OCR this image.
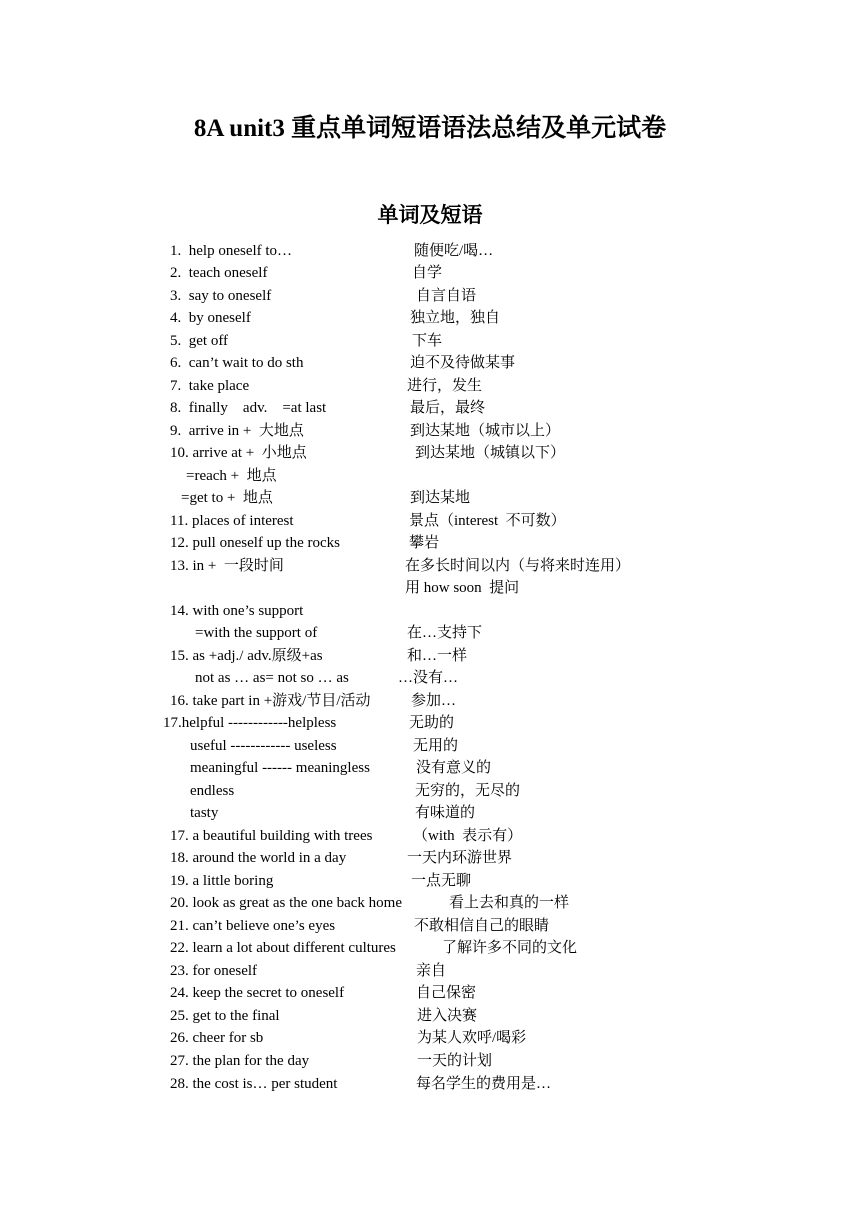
8A unit3 重点单词短语语法总结及单元试卷
单词及短语
1.  help oneself to…	随便吃/喝…
2.  teach oneself	自学
3.  say to oneself	自言自语
4.  by oneself	独立地，独自
5.  get off	下车
6.  can’t wait to do sth	迫不及待做某事
7.  take place	进行，发生
8.  finally    adv.    =at last	最后，最终
9.  arrive in +  大地点	到达某地（城市以上）
10. arrive at +  小地点	到达某地（城镇以下）
=reach +  地点
=get to +  地点	到达某地
11. places of interest	景点（interest  不可数）
12. pull oneself up the rocks	攀岩
13. in +  一段时间	在多长时间以内（与将来时连用）
用 how soon  提问
14. with one’s support
=with the support of	在…支持下
15. as +adj./ adv.原级+as	和…一样
not as … as= not so … as	…没有…
16. take part in +游戏/节目/活动	参加…
17.helpful ------------helpless	无助的
useful ------------ useless	无用的
meaningful ------ meaningless	没有意义的
endless	无穷的，无尽的
tasty	有味道的
17. a beautiful building with trees	（with  表示有）
18. around the world in a day	一天内环游世界
19. a little boring	一点无聊
20. look as great as the one back home	看上去和真的一样
21. can’t believe one’s eyes	不敢相信自己的眼睛
22. learn a lot about different cultures	了解许多不同的文化
23. for oneself	亲自
24. keep the secret to oneself	自己保密
25. get to the final	进入决赛
26. cheer for sb	为某人欢呼/喝彩
27. the plan for the day	一天的计划
28. the cost is… per student	每名学生的费用是…
